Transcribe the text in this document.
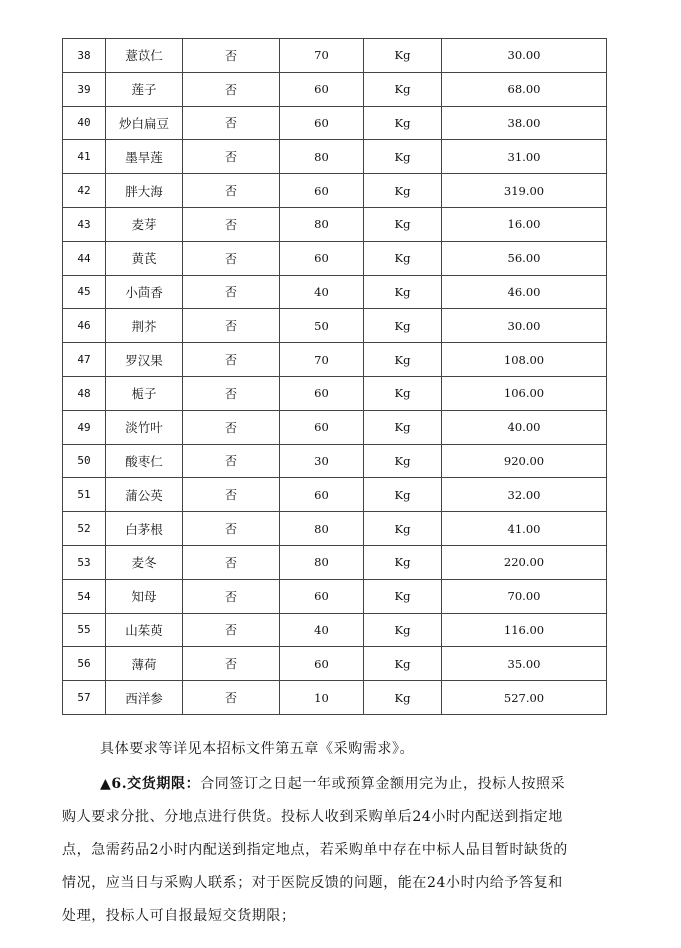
38	薏苡仁	否	70	Kg	30.00
39	莲子	否	60	Kg	68.00
40	炒白扁豆	否	60	Kg	38.00
41	墨旱莲	否	80	Kg	31.00
42	胖大海	否	60	Kg	319.00
43	麦芽	否	80	Kg	16.00
44	黄芪	否	60	Kg	56.00
45	小茴香	否	40	Kg	46.00
46	荆芥	否	50	Kg	30.00
47	罗汉果	否	70	Kg	108.00
48	栀子	否	60	Kg	106.00
49	淡竹叶	否	60	Kg	40.00
50	酸枣仁	否	30	Kg	920.00
51	蒲公英	否	60	Kg	32.00
52	白茅根	否	80	Kg	41.00
53	麦冬	否	80	Kg	220.00
54	知母	否	60	Kg	70.00
55	山茱萸	否	40	Kg	116.00
56	薄荷	否	60	Kg	35.00
57	西洋参	否	10	Kg	527.00
具体要求等详见本招标文件第五章《采购需求》。
▲6.交货期限：合同签订之日起一年或预算金额用完为止，投标人按照采
购人要求分批、分地点进行供货。投标人收到采购单后24小时内配送到指定地
点，急需药品2小时内配送到指定地点，若采购单中存在中标人品目暂时缺货的
情况，应当日与采购人联系；对于医院反馈的问题，能在24小时内给予答复和
处理，投标人可自报最短交货期限；
